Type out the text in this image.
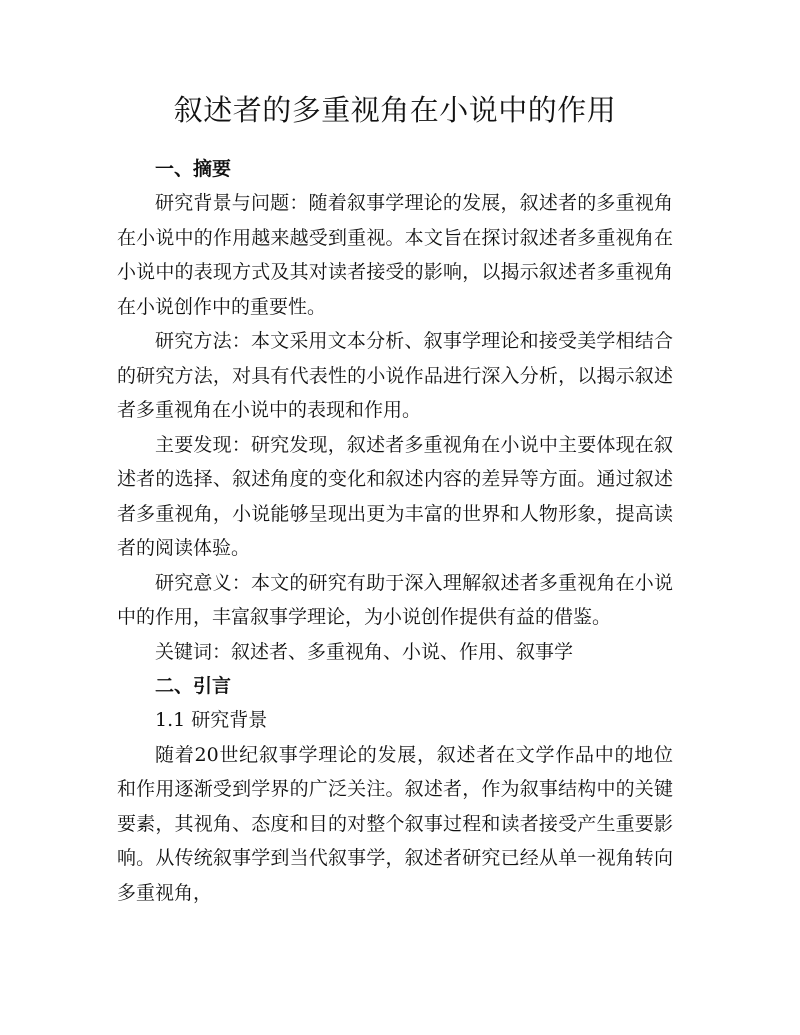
叙述者的多重视角在小说中的作用
一、摘要

研究背景与问题：随着叙事学理论的发展，叙述者的多重视角在小说中的作用越来越受到重视。本文旨在探讨叙述者多重视角在小说中的表现方式及其对读者接受的影响，以揭示叙述者多重视角在小说创作中的重要性。

研究方法：本文采用文本分析、叙事学理论和接受美学相结合的研究方法，对具有代表性的小说作品进行深入分析，以揭示叙述者多重视角在小说中的表现和作用。

主要发现：研究发现，叙述者多重视角在小说中主要体现在叙述者的选择、叙述角度的变化和叙述内容的差异等方面。通过叙述者多重视角，小说能够呈现出更为丰富的世界和人物形象，提高读者的阅读体验。

研究意义：本文的研究有助于深入理解叙述者多重视角在小说中的作用，丰富叙事学理论，为小说创作提供有益的借鉴。

关键词：叙述者、多重视角、小说、作用、叙事学

二、引言
1.1 研究背景

随着20世纪叙事学理论的发展，叙述者在文学作品中的地位和作用逐渐受到学界的广泛关注。叙述者，作为叙事结构中的关键要素，其视角、态度和目的对整个叙事过程和读者接受产生重要影响。从传统叙事学到当代叙事学，叙述者研究已经从单一视角转向多重视角，
